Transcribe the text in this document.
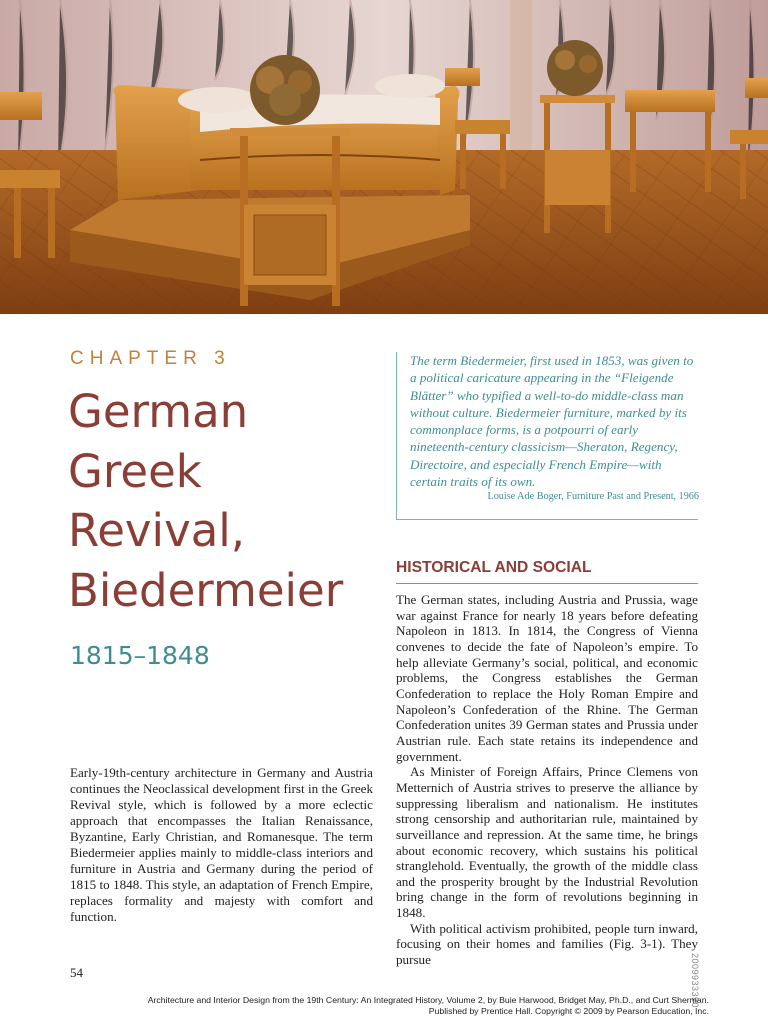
CHAPTER 3
German
Greek
Revival,
Biedermeier
1815–1848

Early-19th-century architecture in Germany and Austria continues the Neoclassical development first in the Greek Revival style, which is followed by a more eclectic approach that encompasses the Italian Renaissance, Byzantine, Early Christian, and Romanesque. The term Biedermeier applies mainly to middle-class interiors and furniture in Austria and Germany during the period of 1815 to 1848. This style, an adaptation of French Empire, replaces formality and majesty with comfort and function.

The term Biedermeier, first used in 1853, was given to a political caricature appearing in the “Fleigende Blätter” who typified a well-to-do middle-class man without culture. Biedermeier furniture, marked by its commonplace forms, is a potpourri of early nineteenth-century classicism—Sheraton, Regency, Directoire, and especially French Empire—with certain traits of its own.

Louise Ade Boger, Furniture Past and Present, 1966
HISTORICAL AND SOCIAL

The German states, including Austria and Prussia, wage war against France for nearly 18 years before defeating Napoleon in 1813. In 1814, the Congress of Vienna convenes to decide the fate of Napoleon’s empire. To help alleviate Germany’s social, political, and economic problems, the Congress establishes the German Confederation to replace the Holy Roman Empire and Napoleon’s Confederation of the Rhine. The German Confederation unites 39 German states and Prussia under Austrian rule. Each state retains its independence and government.

As Minister of Foreign Affairs, Prince Clemens von Metternich of Austria strives to preserve the alliance by suppressing liberalism and nationalism. He institutes strong censorship and authoritarian rule, maintained by surveillance and repression. At the same time, he brings about economic recovery, which sustains his political stranglehold. Eventually, the growth of the middle class and the prosperity brought by the Industrial Revolution bring change in the form of revolutions beginning in 1848.

With political activism prohibited, people turn inward, focusing on their homes and families (Fig. 3-1). They pursue

54	2009933390
Architecture and Interior Design from the 19th Century: An Integrated History, Volume 2, by Buie Harwood, Bridget May, Ph.D., and Curt Sherman.
Published by Prentice Hall. Copyright © 2009 by Pearson Education, Inc.
